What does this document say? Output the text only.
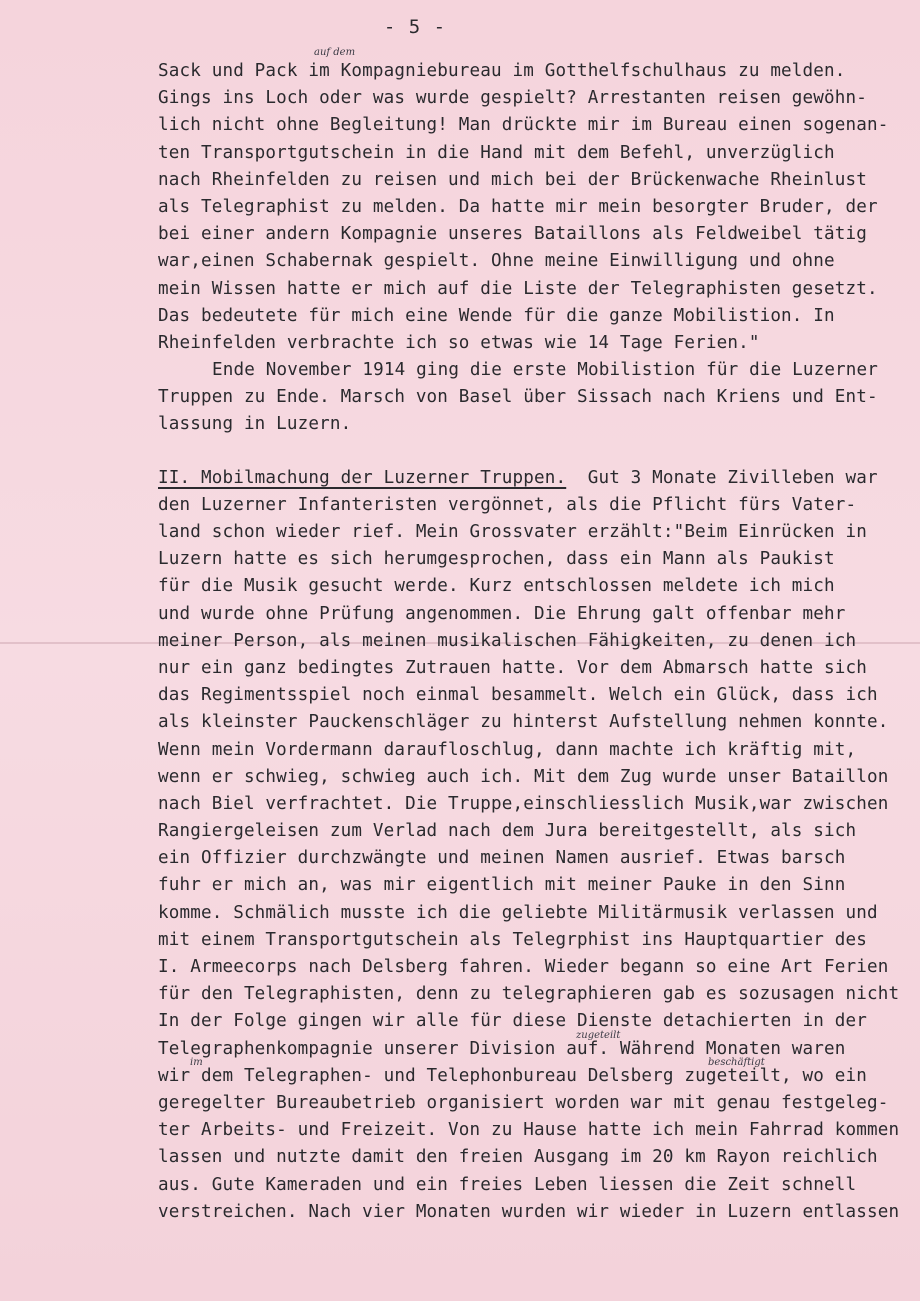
- 5 -
auf dem
zugeteilt
beschäftigt
im
Sack und Pack im Kompagniebureau im Gotthelfschulhaus zu melden.
Gings ins Loch oder was wurde gespielt? Arrestanten reisen gewöhn-
lich nicht ohne Begleitung! Man drückte mir im Bureau einen sogenan-
ten Transportgutschein in die Hand mit dem Befehl, unverzüglich
nach Rheinfelden zu reisen und mich bei der Brückenwache Rheinlust
als Telegraphist zu melden. Da hatte mir mein besorgter Bruder, der
bei einer andern Kompagnie unseres Bataillons als Feldweibel tätig
war,einen Schabernak gespielt. Ohne meine Einwilligung und ohne
mein Wissen hatte er mich auf die Liste der Telegraphisten gesetzt.
Das bedeutete für mich eine Wende für die ganze Mobilistion. In
Rheinfelden verbrachte ich so etwas wie 14 Tage Ferien."
Ende November 1914 ging die erste Mobilistion für die Luzerner
Truppen zu Ende. Marsch von Basel über Sissach nach Kriens und Ent-
lassung in Luzern.
II. Mobilmachung der Luzerner Truppen.  Gut 3 Monate Zivilleben war
den Luzerner Infanteristen vergönnet, als die Pflicht fürs Vater-
land schon wieder rief. Mein Grossvater erzählt:"Beim Einrücken in
Luzern hatte es sich herumgesprochen, dass ein Mann als Paukist
für die Musik gesucht werde. Kurz entschlossen meldete ich mich
und wurde ohne Prüfung angenommen. Die Ehrung galt offenbar mehr
meiner Person, als meinen musikalischen Fähigkeiten, zu denen ich
nur ein ganz bedingtes Zutrauen hatte. Vor dem Abmarsch hatte sich
das Regimentsspiel noch einmal besammelt. Welch ein Glück, dass ich
als kleinster Pauckenschläger zu hinterst Aufstellung nehmen konnte.
Wenn mein Vordermann daraufloschlug, dann machte ich kräftig mit,
wenn er schwieg, schwieg auch ich. Mit dem Zug wurde unser Bataillon
nach Biel verfrachtet. Die Truppe,einschliesslich Musik,war zwischen
Rangiergeleisen zum Verlad nach dem Jura bereitgestellt, als sich
ein Offizier durchzwängte und meinen Namen ausrief. Etwas barsch
fuhr er mich an, was mir eigentlich mit meiner Pauke in den Sinn
komme. Schmälich musste ich die geliebte Militärmusik verlassen und
mit einem Transportgutschein als Telegrphist ins Hauptquartier des
I. Armeecorps nach Delsberg fahren. Wieder begann so eine Art Ferien
für den Telegraphisten, denn zu telegraphieren gab es sozusagen nicht
In der Folge gingen wir alle für diese Dienste detachierten in der
Telegraphenkompagnie unserer Division auf. Während Monaten waren
wir dem Telegraphen- und Telephonbureau Delsberg zugeteilt, wo ein
geregelter Bureaubetrieb organisiert worden war mit genau festgeleg-
ter Arbeits- und Freizeit. Von zu Hause hatte ich mein Fahrrad kommen
lassen und nutzte damit den freien Ausgang im 20 km Rayon reichlich
aus. Gute Kameraden und ein freies Leben liessen die Zeit schnell
verstreichen. Nach vier Monaten wurden wir wieder in Luzern entlassen
